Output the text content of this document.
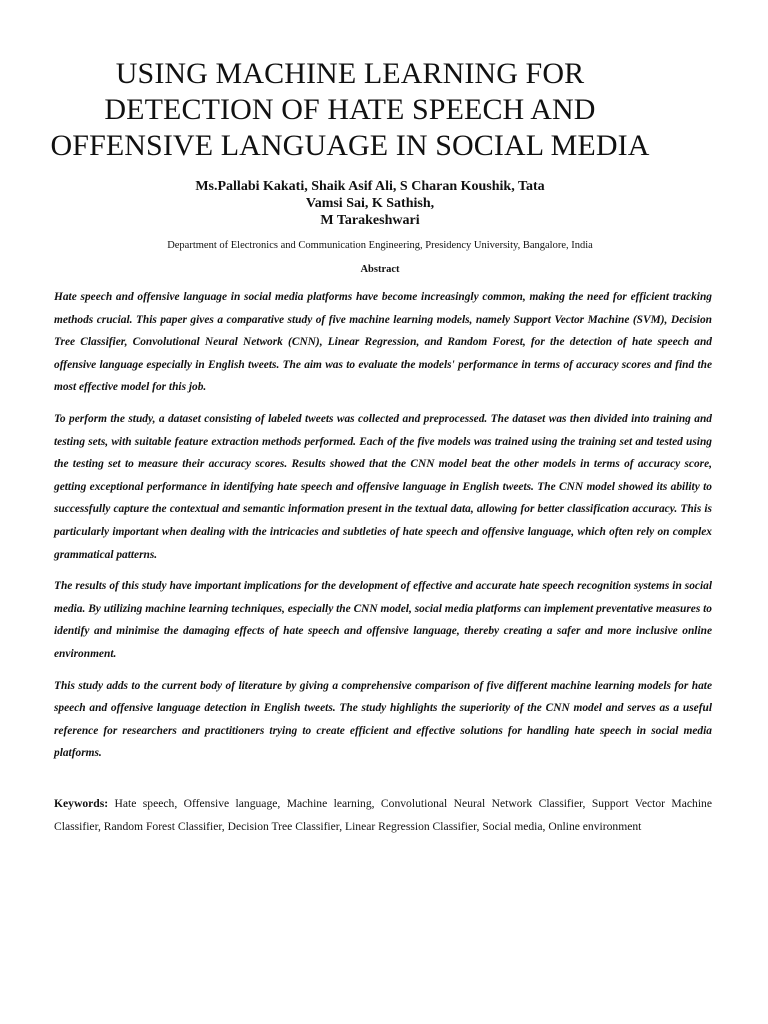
USING MACHINE LEARNING FOR
DETECTION OF HATE SPEECH AND
OFFENSIVE LANGUAGE IN SOCIAL MEDIA
Ms.Pallabi Kakati, Shaik Asif Ali, S Charan Koushik, Tata
Vamsi Sai, K Sathish,
M Tarakeshwari
Department of Electronics and Communication Engineering, Presidency University, Bangalore, India
Abstract

Hate speech and offensive language in social media platforms have become increasingly common, making the need for efficient tracking methods crucial. This paper gives a comparative study of five machine learning models, namely Support Vector Machine (SVM), Decision Tree Classifier, Convolutional Neural Network (CNN), Linear Regression, and Random Forest, for the detection of hate speech and offensive language especially in English tweets. The aim was to evaluate the models' performance in terms of accuracy scores and find the most effective model for this job.

To perform the study, a dataset consisting of labeled tweets was collected and preprocessed. The dataset was then divided into training and testing sets, with suitable feature extraction methods performed. Each of the five models was trained using the training set and tested using the testing set to measure their accuracy scores. Results showed that the CNN model beat the other models in terms of accuracy score, getting exceptional performance in identifying hate speech and offensive language in English tweets. The CNN model showed its ability to successfully capture the contextual and semantic information present in the textual data, allowing for better classification accuracy. This is particularly important when dealing with the intricacies and subtleties of hate speech and offensive language, which often rely on complex grammatical patterns.

The results of this study have important implications for the development of effective and accurate hate speech recognition systems in social media. By utilizing machine learning techniques, especially the CNN model, social media platforms can implement preventative measures to identify and minimise the damaging effects of hate speech and offensive language, thereby creating a safer and more inclusive online environment.

This study adds to the current body of literature by giving a comprehensive comparison of five different machine learning models for hate speech and offensive language detection in English tweets. The study highlights the superiority of the CNN model and serves as a useful reference for researchers and practitioners trying to create efficient and effective solutions for handling hate speech in social media platforms.

Keywords: Hate speech, Offensive language, Machine learning, Convolutional Neural Network Classifier, Support Vector Machine Classifier, Random Forest Classifier, Decision Tree Classifier, Linear Regression Classifier, Social media, Online environment
